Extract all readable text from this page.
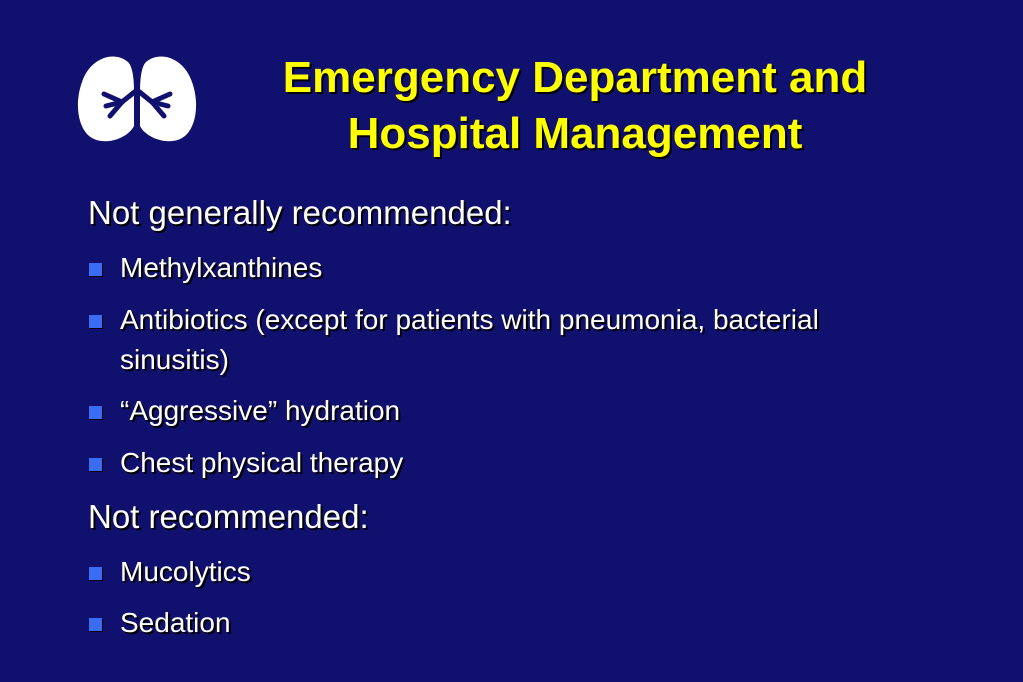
Emergency Department and
Hospital Management
Not generally recommended:
Methylxanthines
Antibiotics (except for patients with pneumonia, bacterial sinusitis)
“Aggressive” hydration
Chest physical therapy
Not recommended:
Mucolytics
Sedation
